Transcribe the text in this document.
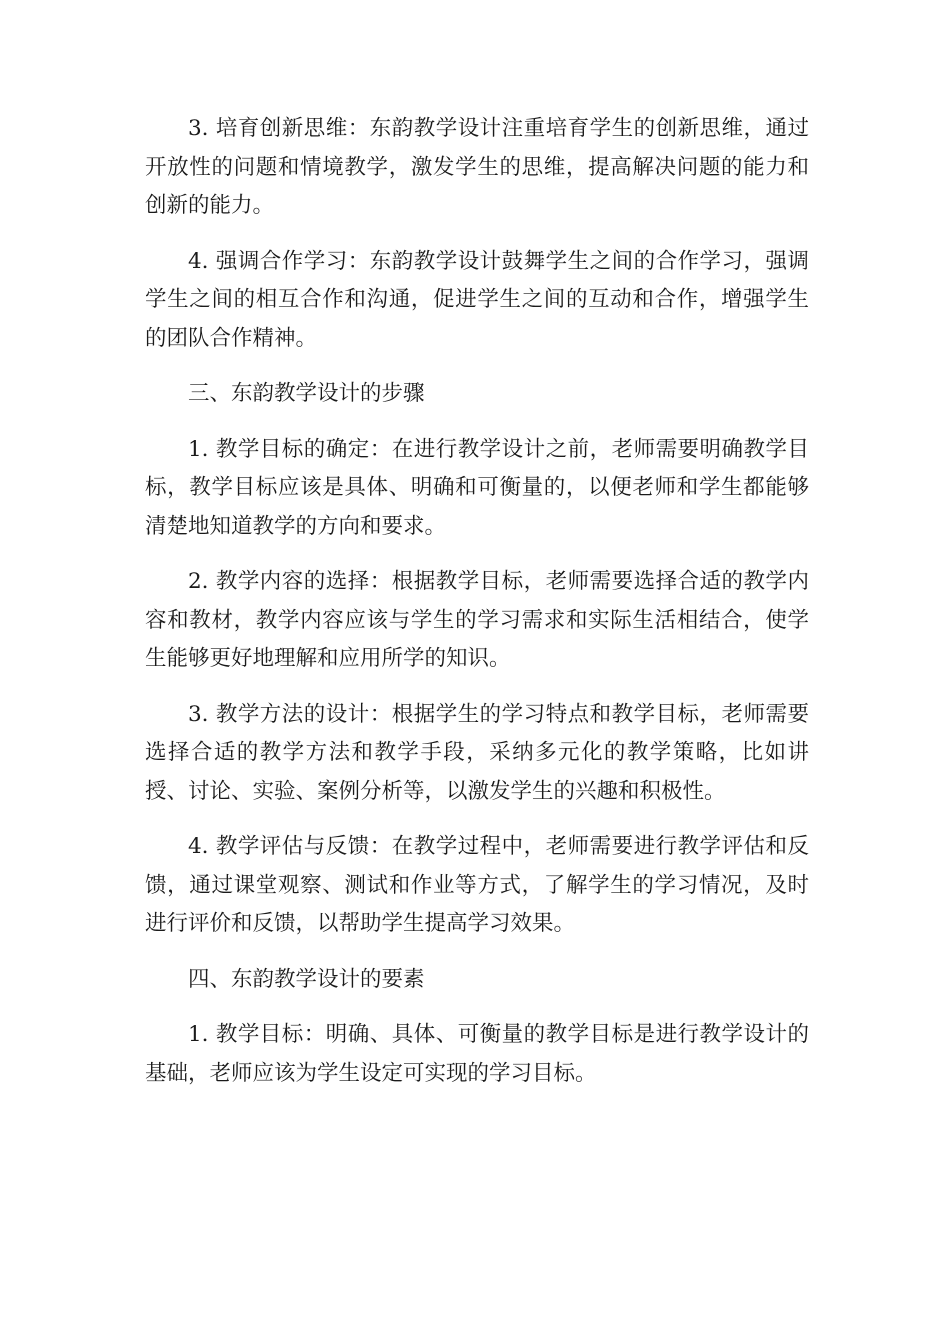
3. 培育创新思维：东韵教学设计注重培育学生的创新思维，通过开放性的问题和情境教学，激发学生的思维，提高解决问题的能力和创新的能力。

4. 强调合作学习：东韵教学设计鼓舞学生之间的合作学习，强调学生之间的相互合作和沟通，促进学生之间的互动和合作，增强学生的团队合作精神。

三、东韵教学设计的步骤

1. 教学目标的确定：在进行教学设计之前，老师需要明确教学目标，教学目标应该是具体、明确和可衡量的，以便老师和学生都能够清楚地知道教学的方向和要求。

2. 教学内容的选择：根据教学目标，老师需要选择合适的教学内容和教材，教学内容应该与学生的学习需求和实际生活相结合，使学生能够更好地理解和应用所学的知识。

3. 教学方法的设计：根据学生的学习特点和教学目标，老师需要选择合适的教学方法和教学手段，采纳多元化的教学策略，比如讲授、讨论、实验、案例分析等，以激发学生的兴趣和积极性。

4. 教学评估与反馈：在教学过程中，老师需要进行教学评估和反馈，通过课堂观察、测试和作业等方式，了解学生的学习情况，及时进行评价和反馈，以帮助学生提高学习效果。

四、东韵教学设计的要素

1. 教学目标：明确、具体、可衡量的教学目标是进行教学设计的基础，老师应该为学生设定可实现的学习目标。
